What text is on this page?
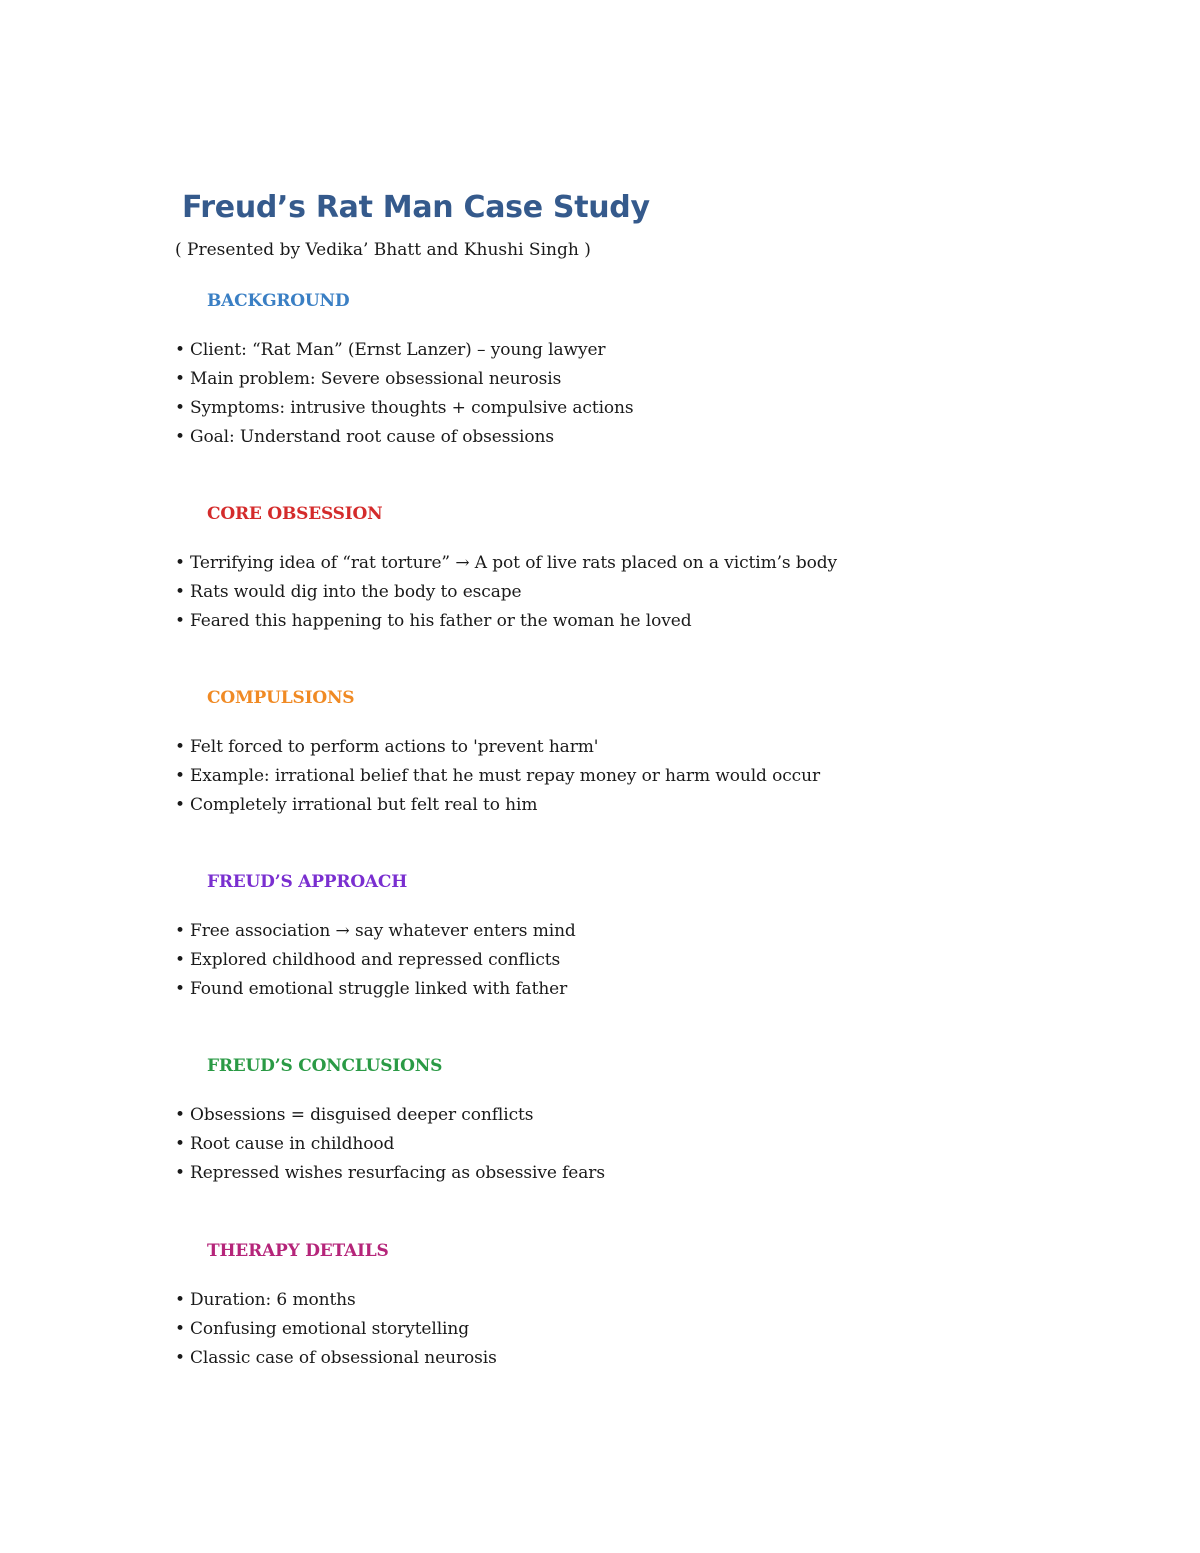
Freud’s Rat Man Case Study

( Presented by Vedika’ Bhatt and Khushi Singh )

BACKGROUND
• Client: “Rat Man” (Ernst Lanzer) – young lawyer
• Main problem: Severe obsessional neurosis
• Symptoms: intrusive thoughts + compulsive actions
• Goal: Understand root cause of obsessions
CORE OBSESSION
• Terrifying idea of “rat torture” → A pot of live rats placed on a victim’s body
• Rats would dig into the body to escape
• Feared this happening to his father or the woman he loved
COMPULSIONS
• Felt forced to perform actions to 'prevent harm'
• Example: irrational belief that he must repay money or harm would occur
• Completely irrational but felt real to him
FREUD’S APPROACH
• Free association → say whatever enters mind
• Explored childhood and repressed conflicts
• Found emotional struggle linked with father
FREUD’S CONCLUSIONS
• Obsessions = disguised deeper conflicts
• Root cause in childhood
• Repressed wishes resurfacing as obsessive fears
THERAPY DETAILS
• Duration: 6 months
• Confusing emotional storytelling
• Classic case of obsessional neurosis
